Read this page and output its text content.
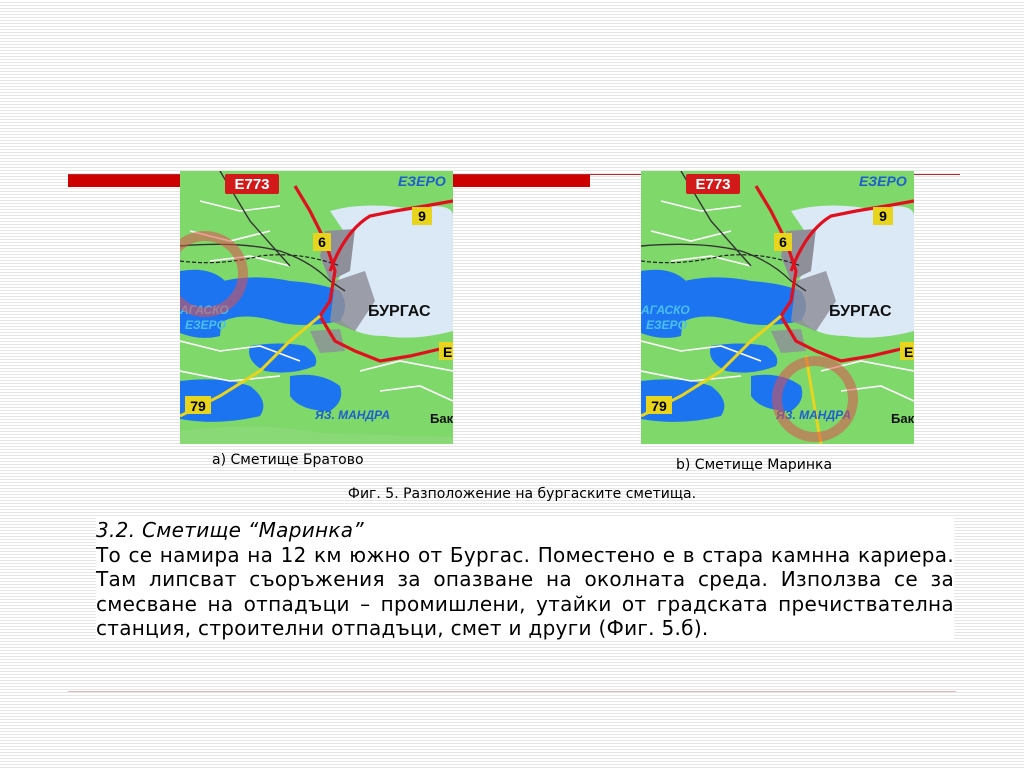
E773
9
6
ЕЗЕРО
БУРГАС
АГАСКО
ЕЗЕРО
79
ЯЗ. МАНДРА	Бак
Е
E773
9
6
ЕЗЕРО
БУРГАС
АГАСКО
ЕЗЕРО
79
ЯЗ. МАНДРА	Бак
Е
a) Сметище Братово	b) Сметище Маринка
Фиг. 5. Разположение на бургаските сметища.
3.2. Сметище “Маринка”
То се намира на 12 км южно от Бургас. Поместено е в стара камнна кариера. Там липсват съоръжения за опазване на околната среда. Използва се за смесване на отпадъци – промишлени, утайки от градската пречиствателна станция, строителни отпадъци, смет и други (Фиг. 5.б).
